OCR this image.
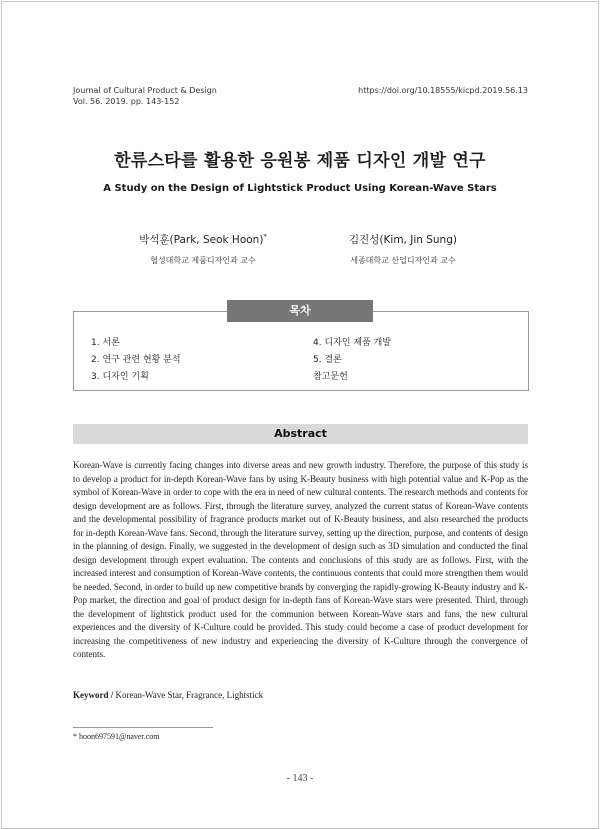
Journal of Cultural Product & Design
Vol. 56. 2019. pp. 143-152
https://doi.org/10.18555/kicpd.2019.56.13
한류스타를 활용한 응원봉 제품 디자인 개발 연구
A Study on the Design of Lightstick Product Using Korean-Wave Stars
박석훈(Park, Seok Hoon)*
협성대학교 제품디자인과 교수
김진성(Kim, Jin Sung)
세종대학교 산업디자인과 교수
목차
1. 서론
2. 연구 관련 현황 분석
3. 디자인 기획
4. 디자인 제품 개발
5. 결론
참고문헌
Abstract
Korean-Wave is currently facing changes into diverse areas and new growth industry. Therefore, the purpose of this study is to develop a product for in-depth Korean-Wave fans by using K-Beauty business with high potential value and K-Pop as the symbol of Korean-Wave in order to cope with the era in need of new cultural contents. The research methods and contents for design development are as follows. First, through the literature survey, analyzed the current status of Korean-Wave contents and the developmental possibility of fragrance products market out of K-Beauty business, and also researched the products for in-depth Korean-Wave fans. Second, through the literature survey, setting up the direction, purpose, and contents of design in the planning of design. Finally, we suggested in the development of design such as 3D simulation and conducted the final design development through expert evaluation. The contents and conclusions of this study are as follows. First, with the increased interest and consumption of Korean-Wave contents, the continuous contents that could more strengthen them would be needed. Second, in order to build up new competitive brands by converging the rapidly-growing K-Beauty industry and K-Pop market, the direction and goal of product design for in-depth fans of Korean-Wave stars were presented. Third, through the development of lightstick product used for the communion between Korean-Wave stars and fans, the new cultural experiences and the diversity of K-Culture could be provided. This study could become a case of product development for increasing the competitiveness of new industry and experiencing the diversity of K-Culture through the convergence of contents.
Keyword / Korean-Wave Star, Fragrance, Lightstick
* hoon697591@naver.com
- 143 -
